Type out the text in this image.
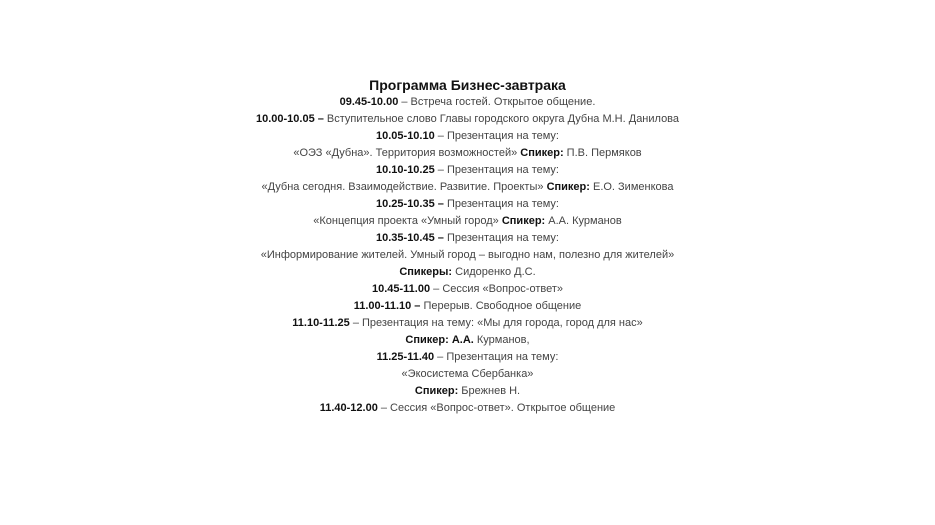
Программа Бизнес-завтрака
09.45-10.00 – Встреча гостей. Открытое общение.
10.00-10.05 – Вступительное слово Главы городского округа Дубна М.Н. Данилова
10.05-10.10 – Презентация на тему:
«ОЭЗ «Дубна». Территория возможностей» Спикер: П.В. Пермяков
10.10-10.25 – Презентация на тему:
«Дубна сегодня. Взаимодействие. Развитие. Проекты» Спикер: Е.О. Зименкова
10.25-10.35 – Презентация на тему:
«Концепция проекта «Умный город» Спикер: А.А. Курманов
10.35-10.45 – Презентация на тему:
«Информирование жителей. Умный город – выгодно нам, полезно для жителей»
Спикеры: Сидоренко Д.С.
10.45-11.00 – Сессия «Вопрос-ответ»
11.00-11.10 – Перерыв. Свободное общение
11.10-11.25 – Презентация на тему: «Мы для города, город для нас»
Спикер: А.А. Курманов,
11.25-11.40 – Презентация на тему:
«Экосистема Сбербанка»
Спикер: Брежнев Н.
11.40-12.00 – Сессия «Вопрос-ответ». Открытое общение
